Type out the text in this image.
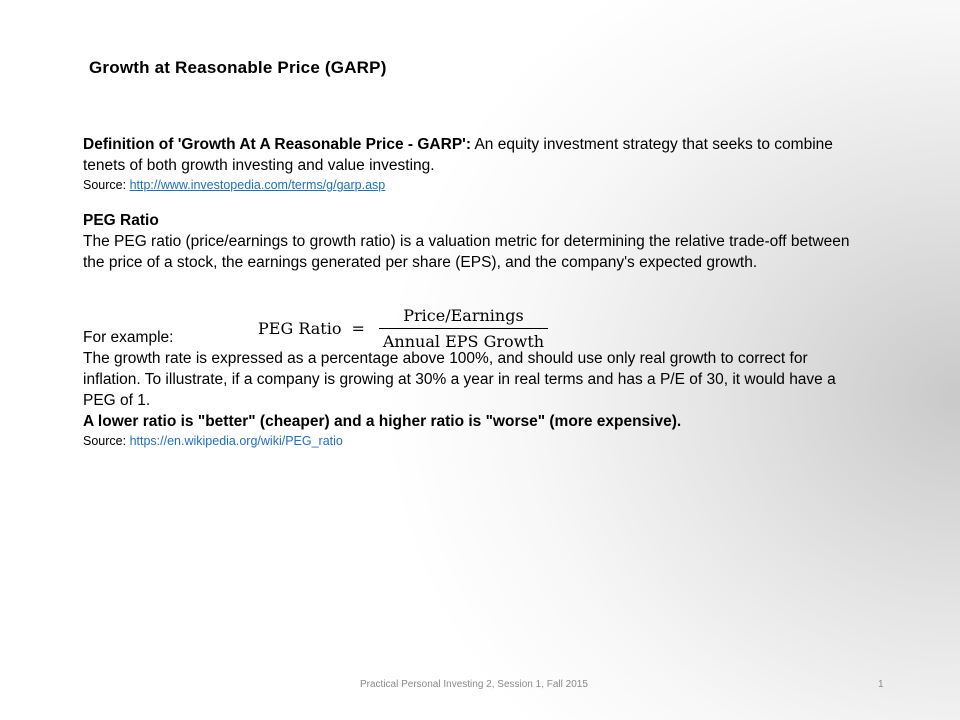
Growth at Reasonable Price (GARP)

Definition of 'Growth At A Reasonable Price - GARP': An equity investment strategy that seeks to combine tenets of both growth investing and value investing.

Source: http://www.investopedia.com/terms/g/garp.asp

PEG Ratio

The PEG ratio (price/earnings to growth ratio) is a valuation metric for determining the relative trade-off between the price of a stock, the earnings generated per share (EPS), and the company's expected growth.

For example:

The growth rate is expressed as a percentage above 100%, and should use only real growth to correct for inflation. To illustrate, if a company is growing at 30% a year in real terms and has a P/E of 30, it would have a PEG of 1.

A lower ratio is "better" (cheaper) and a higher ratio is "worse" (more expensive).

Source: https://en.wikipedia.org/wiki/PEG_ratio

PEG Ratio = $\frac{\text{Price/Earnings}}{\text{Annual EPS Growth}}$
Practical Personal Investing 2, Session 1, Fall 2015	1
